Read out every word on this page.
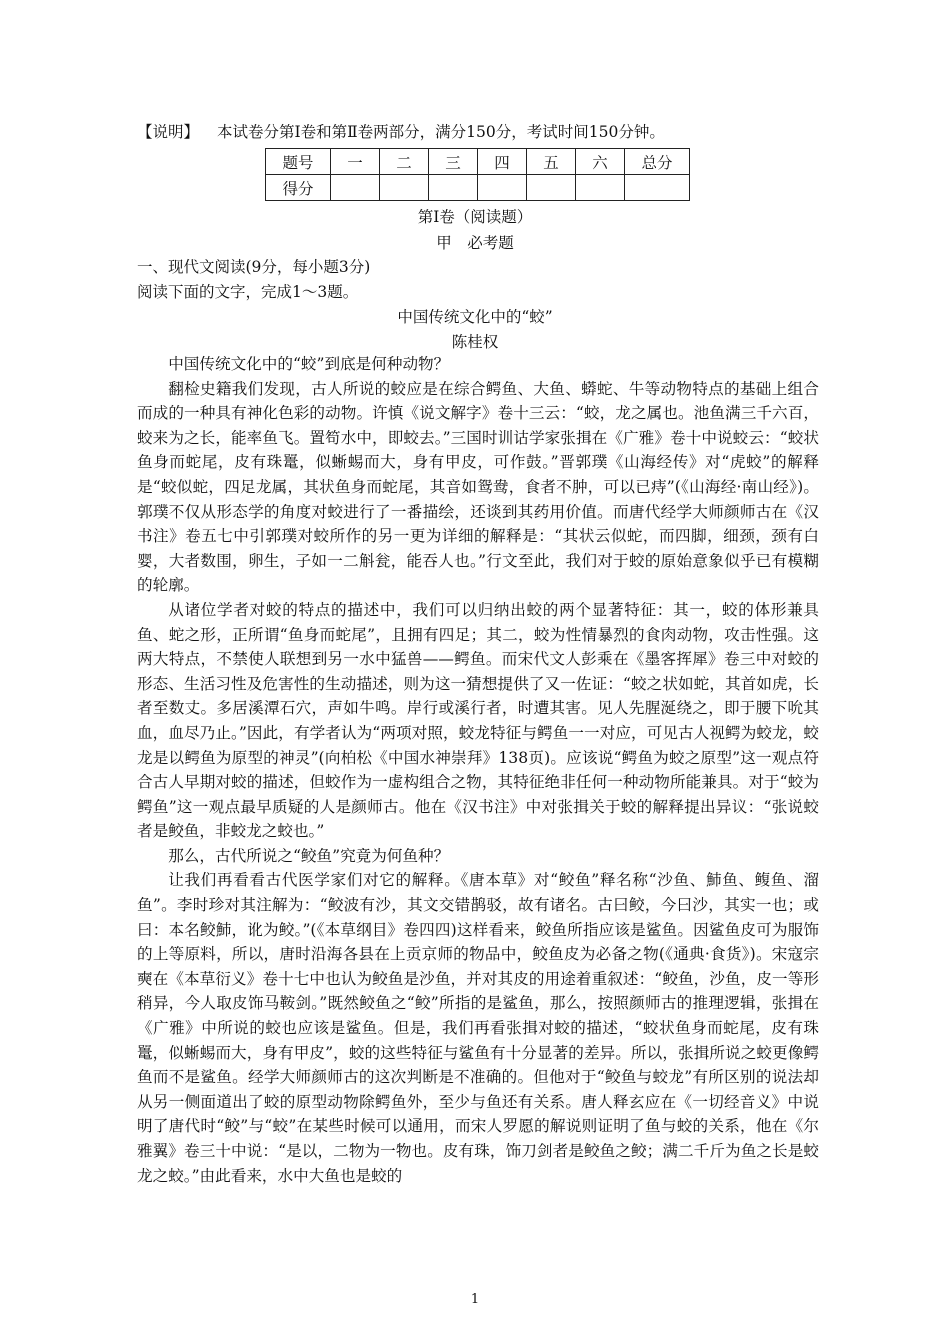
【说明】 本试卷分第Ⅰ卷和第Ⅱ卷两部分，满分150分，考试时间150分钟。
题号	一	二	三	四	五	六	总分
得分							
第Ⅰ卷（阅读题）
甲　必考题
一、现代文阅读(9分，每小题3分)
阅读下面的文字，完成1～3题。
中国传统文化中的“蛟”
陈桂权

中国传统文化中的“蛟”到底是何种动物？

翻检史籍我们发现，古人所说的蛟应是在综合鳄鱼、大鱼、蟒蛇、牛等动物特点的基础上组合而成的一种具有神化色彩的动物。许慎《说文解字》卷十三云：“蛟，龙之属也。池鱼满三千六百，蛟来为之长，能率鱼飞。置笱水中，即蛟去。”三国时训诂学家张揖在《广雅》卷十中说蛟云：“蛟状鱼身而蛇尾，皮有珠鼍，似蜥蜴而大，身有甲皮，可作鼓。”晋郭璞《山海经传》对“虎蛟”的解释是“蛟似蛇，四足龙属，其状鱼身而蛇尾，其音如鸳鸯，食者不肿，可以已痔”(《山海经·南山经》)。郭璞不仅从形态学的角度对蛟进行了一番描绘，还谈到其药用价值。而唐代经学大师颜师古在《汉书注》卷五七中引郭璞对蛟所作的另一更为详细的解释是：“其状云似蛇，而四脚，细颈，颈有白婴，大者数围，卵生，子如一二斛瓮，能吞人也。”行文至此，我们对于蛟的原始意象似乎已有模糊的轮廓。

从诸位学者对蛟的特点的描述中，我们可以归纳出蛟的两个显著特征：其一，蛟的体形兼具鱼、蛇之形，正所谓“鱼身而蛇尾”，且拥有四足；其二，蛟为性情暴烈的食肉动物，攻击性强。这两大特点，不禁使人联想到另一水中猛兽——鳄鱼。而宋代文人彭乘在《墨客挥犀》卷三中对蛟的形态、生活习性及危害性的生动描述，则为这一猜想提供了又一佐证：“蛟之状如蛇，其首如虎，长者至数丈。多居溪潭石穴，声如牛鸣。岸行或溪行者，时遭其害。见人先腥涎绕之，即于腰下吮其血，血尽乃止。”因此，有学者认为“两项对照，蛟龙特征与鳄鱼一一对应，可见古人视鳄为蛟龙，蛟龙是以鳄鱼为原型的神灵”(向柏松《中国水神崇拜》138页)。应该说“鳄鱼为蛟之原型”这一观点符合古人早期对蛟的描述，但蛟作为一虚构组合之物，其特征绝非任何一种动物所能兼具。对于“蛟为鳄鱼”这一观点最早质疑的人是颜师古。他在《汉书注》中对张揖关于蛟的解释提出异议：“张说蛟者是鲛鱼，非蛟龙之蛟也。”

那么，古代所说之“鲛鱼”究竟为何鱼种？

让我们再看看古代医学家们对它的解释。《唐本草》对“鲛鱼”释名称“沙鱼、䰽鱼、鳆鱼、溜鱼”。李时珍对其注解为：“鲛波有沙，其文交错鹊驳，故有诸名。古曰鲛，今曰沙，其实一也；或曰：本名鲛䰽，讹为鲛。”(《本草纲目》卷四四)这样看来，鲛鱼所指应该是鲨鱼。因鲨鱼皮可为服饰的上等原料，所以，唐时沿海各县在上贡京师的物品中，鲛鱼皮为必备之物(《通典·食货》)。宋寇宗奭在《本草衍义》卷十七中也认为鲛鱼是沙鱼，并对其皮的用途着重叙述：“鲛鱼，沙鱼，皮一等形稍异，今人取皮饰马鞍剑。”既然鲛鱼之“鲛”所指的是鲨鱼，那么，按照颜师古的推理逻辑，张揖在《广雅》中所说的蛟也应该是鲨鱼。但是，我们再看张揖对蛟的描述，“蛟状鱼身而蛇尾，皮有珠鼍，似蜥蜴而大，身有甲皮”，蛟的这些特征与鲨鱼有十分显著的差异。所以，张揖所说之蛟更像鳄鱼而不是鲨鱼。经学大师颜师古的这次判断是不准确的。但他对于“鲛鱼与蛟龙”有所区别的说法却从另一侧面道出了蛟的原型动物除鳄鱼外，至少与鱼还有关系。唐人释玄应在《一切经音义》中说明了唐代时“鲛”与“蛟”在某些时候可以通用，而宋人罗愿的解说则证明了鱼与蛟的关系，他在《尔雅翼》卷三十中说：“是以，二物为一物也。皮有珠，饰刀剑者是鲛鱼之鲛；满二千斤为鱼之长是蛟龙之蛟。”由此看来，水中大鱼也是蛟的

1
